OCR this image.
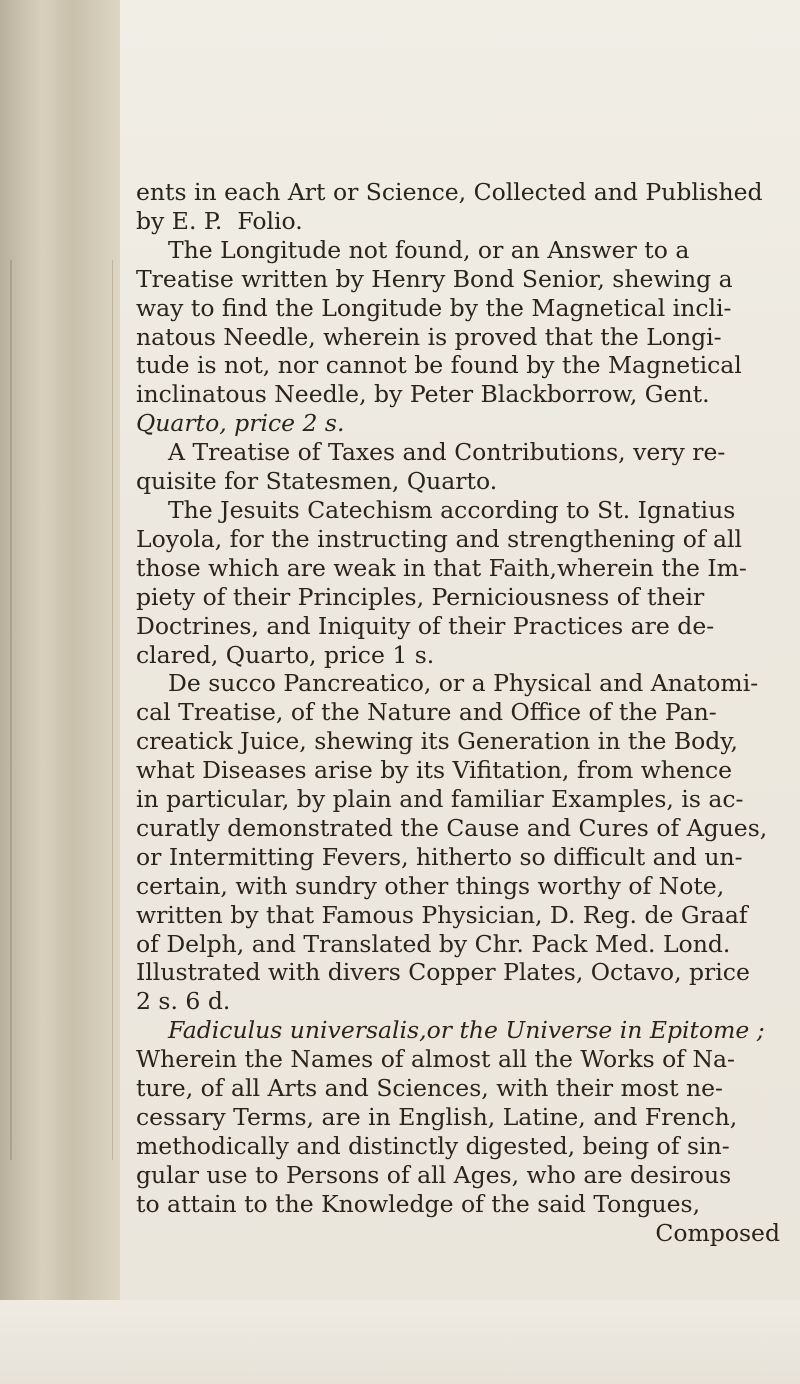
ents in each Art or Science, Collected and Published
by E. P.  Folio.
The Longitude not found, or an Answer to a
Treatise written by Henry Bond Senior, shewing a
way to find the Longitude by the Magnetical incli-
natous Needle, wherein is proved that the Longi-
tude is not, nor cannot be found by the Magnetical
inclinatous Needle, by Peter Blackborrow, Gent.
Quarto, price 2 s.
A Treatise of Taxes and Contributions, very re-
quisite for Statesmen, Quarto.
The Jesuits Catechism according to St. Ignatius
Loyola, for the instructing and strengthening of all
those which are weak in that Faith,wherein the Im-
piety of their Principles, Perniciousness of their
Doctrines, and Iniquity of their Practices are de-
clared, Quarto, price 1 s.
De succo Pancreatico, or a Physical and Anatomi-
cal Treatise, of the Nature and Office of the Pan-
creatick Juice, shewing its Generation in the Body,
what Diseases arise by its Vifitation, from whence
in particular, by plain and familiar Examples, is ac-
curatly demonstrated the Cause and Cures of Agues,
or Intermitting Fevers, hitherto so difficult and un-
certain, with sundry other things worthy of Note,
written by that Famous Physician, D. Reg. de Graaf
of Delph, and Translated by Chr. Pack Med. Lond.
Illustrated with divers Copper Plates, Octavo, price
2 s. 6 d.
Fadiculus universalis,or the Universe in Epitome ;
Wherein the Names of almost all the Works of Na-
ture, of all Arts and Sciences, with their most ne-
cessary Terms, are in English, Latine, and French,
methodically and distinctly digested, being of sin-
gular use to Persons of all Ages, who are desirous
to attain to the Knowledge of the said Tongues,
Composed
